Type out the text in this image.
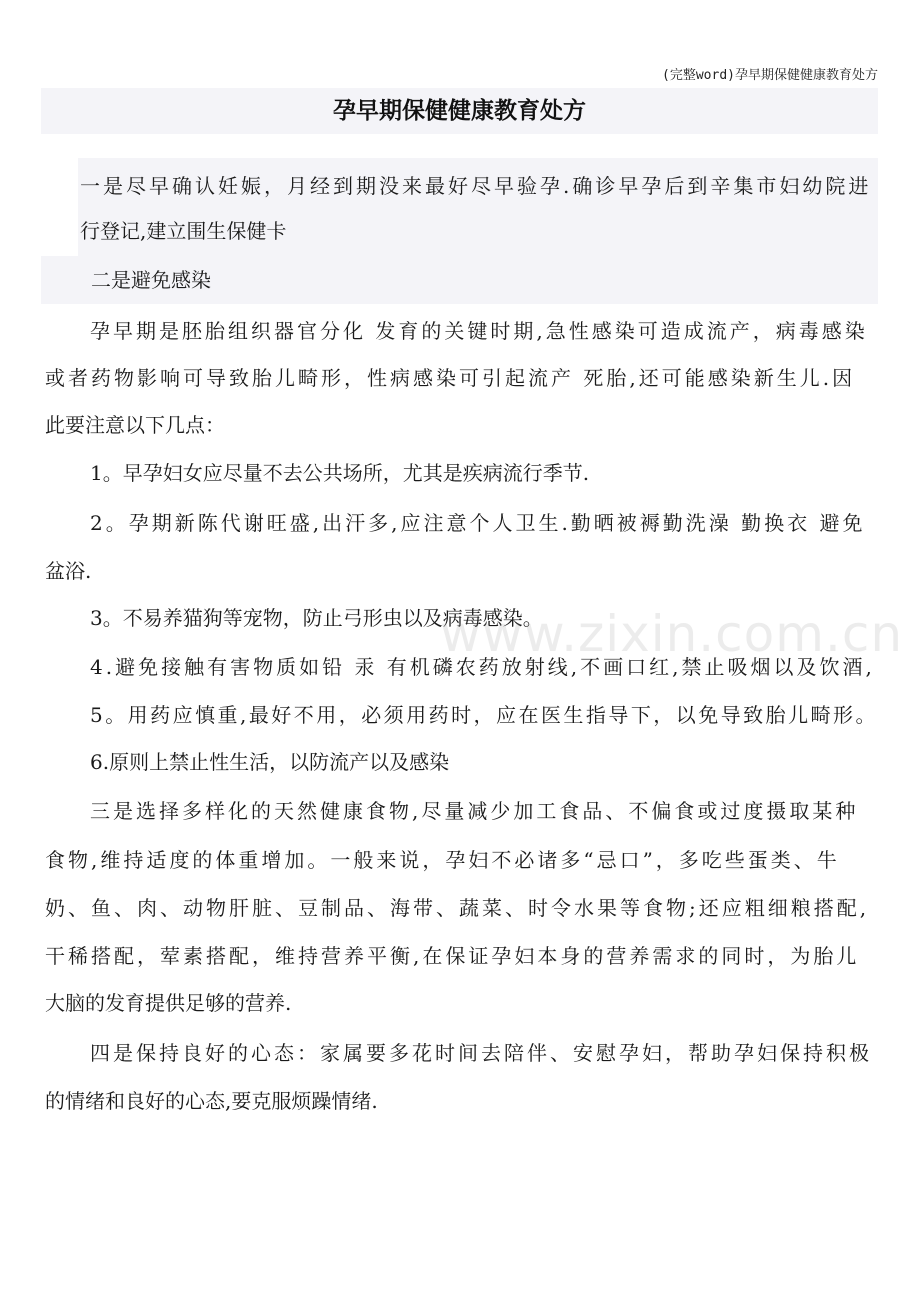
(完整word)孕早期保健健康教育处方
孕早期保健健康教育处方
一是尽早确认妊娠，月经到期没来最好尽早验孕.确诊早孕后到辛集市妇幼院进
行登记,建立围生保健卡
二是避免感染
孕早期是胚胎组织器官分化 发育的关键时期,急性感染可造成流产，病毒感染
或者药物影响可导致胎儿畸形，性病感染可引起流产 死胎,还可能感染新生儿.因
此要注意以下几点：
1。早孕妇女应尽量不去公共场所，尤其是疾病流行季节.
2。孕期新陈代谢旺盛,出汗多,应注意个人卫生.勤晒被褥勤洗澡 勤换衣 避免
盆浴.
3。不易养猫狗等宠物，防止弓形虫以及病毒感染。
4.避免接触有害物质如铅 汞 有机磷农药放射线,不画口红,禁止吸烟以及饮酒,
5。用药应慎重,最好不用，必须用药时，应在医生指导下，以免导致胎儿畸形。
6.原则上禁止性生活，以防流产以及感染
三是选择多样化的天然健康食物,尽量减少加工食品、不偏食或过度摄取某种
食物,维持适度的体重增加。一般来说，孕妇不必诸多“忌口”，多吃些蛋类、牛
奶、鱼、肉、动物肝脏、豆制品、海带、蔬菜、时令水果等食物;还应粗细粮搭配,
干稀搭配，荤素搭配，维持营养平衡,在保证孕妇本身的营养需求的同时，为胎儿
大脑的发育提供足够的营养.
四是保持良好的心态：家属要多花时间去陪伴、安慰孕妇，帮助孕妇保持积极
的情绪和良好的心态,要克服烦躁情绪.
www.zixin.com.cn
